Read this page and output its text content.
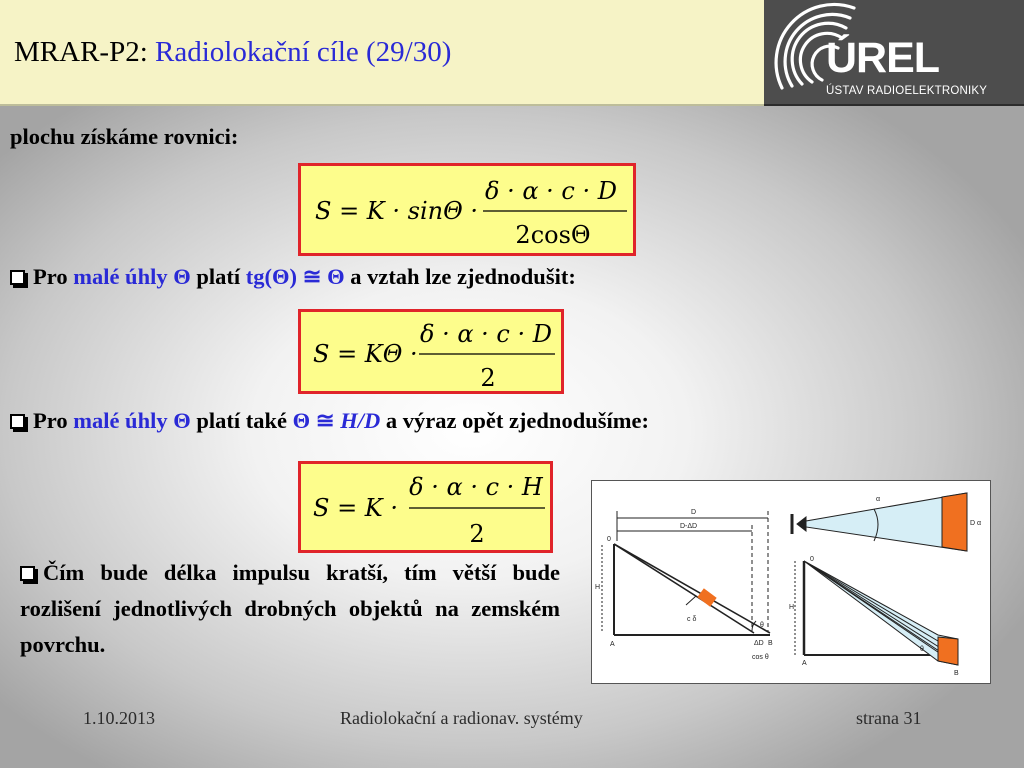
MRAR-P2: Radiolokační cíle (29/30)	ÚREL
ÚSTAV RADIOELEKTRONIKY
plochu získáme rovnici:
S = K · sinΘ ·
δ · α · c · D
2cosΘ
Pro malé úhly Θ platí tg(Θ) ≅ Θ a vztah lze zjednodušit:
S = KΘ ·
δ · α · c · D
2
Pro malé úhly Θ platí také Θ ≅ H/D a výraz opět zjednodušíme:
S = K ·
δ · α · c · H
2
Čím bude délka impulsu kratší, tím větší bude rozlišení jednotlivých drobných objektů na zemském povrchu.
D
D-ΔD
0
H
A	B
c δ
θ
ΔD
cos θ
α
D α
0
H
A
B
θ
1.10.2013	Radiolokační a radionav. systémy	strana 31
